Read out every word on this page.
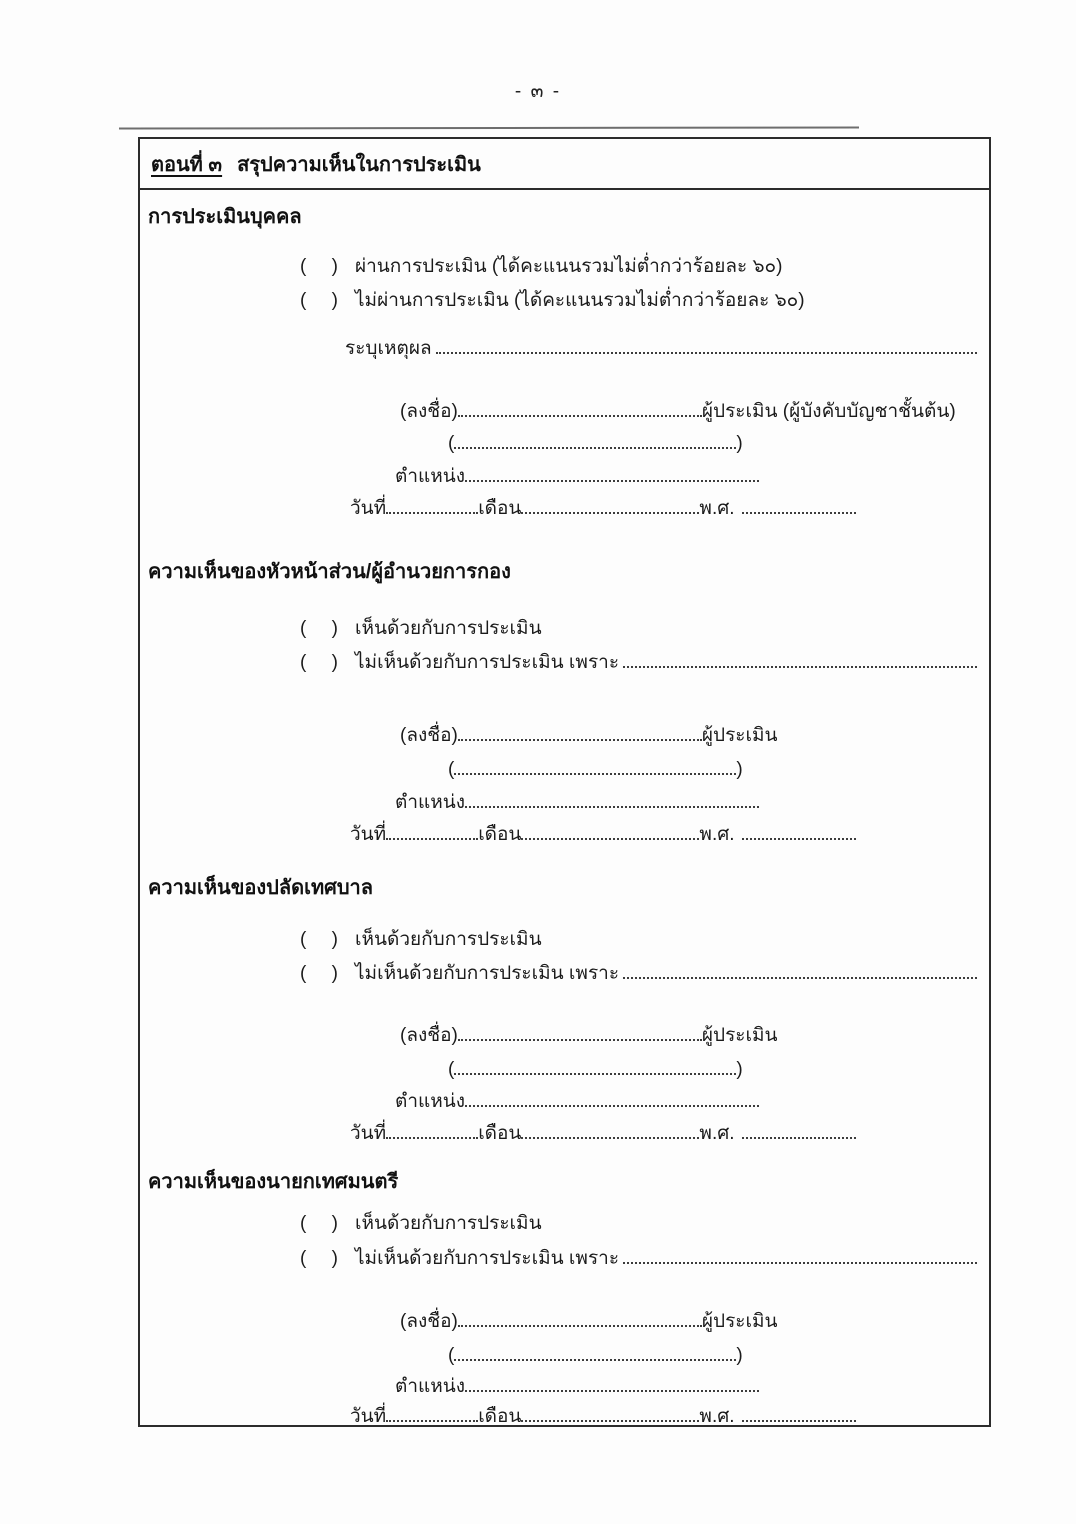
- ๓ -
ตอนที่ ๓ สรุปความเห็นในการประเมิน
การประเมินบุคคล
( ) ผ่านการประเมิน (ได้คะแนนรวมไม่ต่ำกว่าร้อยละ ๖๐)
( ) ไม่ผ่านการประเมิน (ได้คะแนนรวมไม่ต่ำกว่าร้อยละ ๖๐)
ระบุเหตุผล
(ลงชื่อ)	ผู้ประเมิน (ผู้บังคับบัญชาชั้นต้น)
(	)
ตำแหน่ง
วันที่	เดือน	พ.ศ.
ความเห็นของหัวหน้าส่วน/ผู้อำนวยการกอง
( ) เห็นด้วยกับการประเมิน
( ) ไม่เห็นด้วยกับการประเมิน เพราะ
(ลงชื่อ)	ผู้ประเมิน
(	)
ตำแหน่ง
วันที่	เดือน	พ.ศ.
ความเห็นของปลัดเทศบาล
( ) เห็นด้วยกับการประเมิน
( ) ไม่เห็นด้วยกับการประเมิน เพราะ
(ลงชื่อ)	ผู้ประเมิน
(	)
ตำแหน่ง
วันที่	เดือน	พ.ศ.
ความเห็นของนายกเทศมนตรี
( ) เห็นด้วยกับการประเมิน
( ) ไม่เห็นด้วยกับการประเมิน เพราะ
(ลงชื่อ)	ผู้ประเมิน
(	)
ตำแหน่ง
วันที่	เดือน	พ.ศ.
